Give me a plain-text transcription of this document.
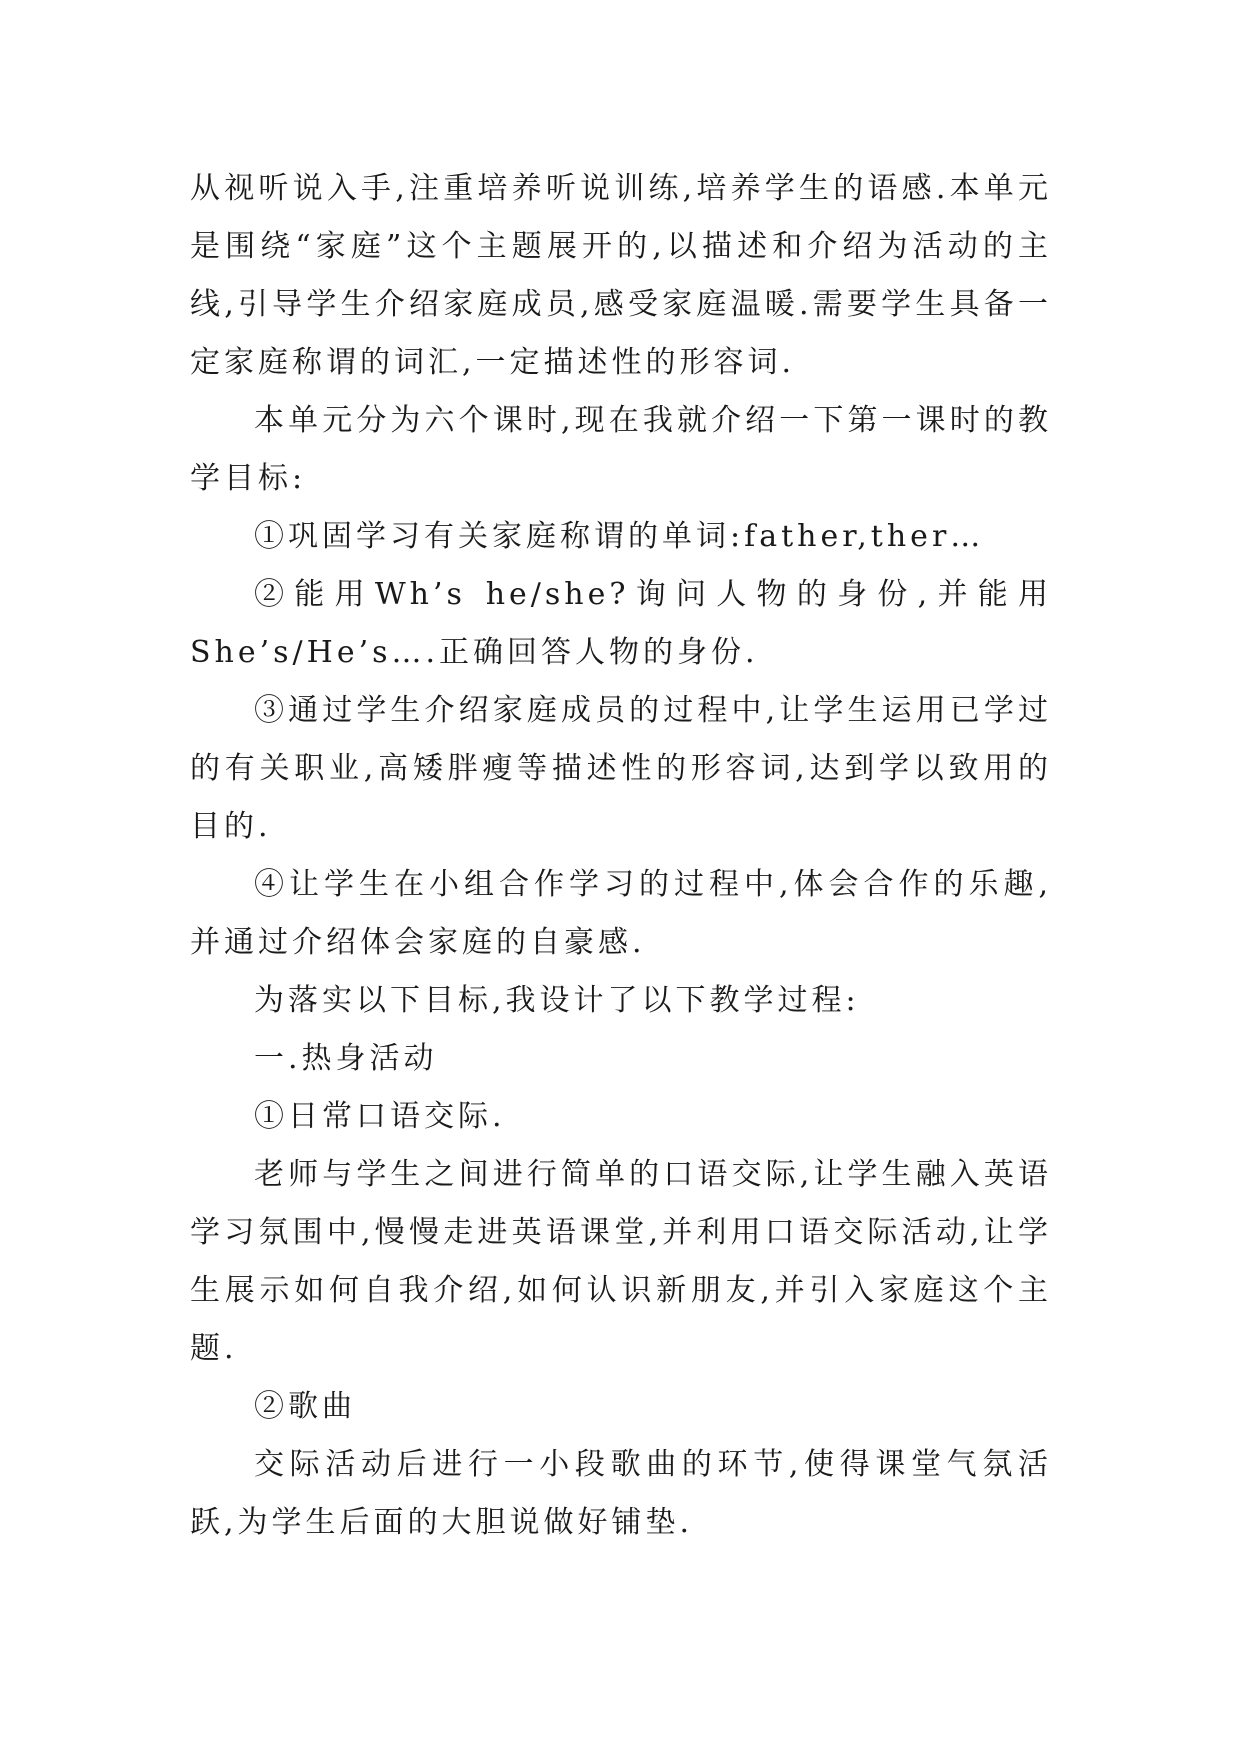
从视听说入手,注重培养听说训练,培养学生的语感.本单元是围绕“家庭”这个主题展开的,以描述和介绍为活动的主线,引导学生介绍家庭成员,感受家庭温暖.需要学生具备一定家庭称谓的词汇,一定描述性的形容词.

本单元分为六个课时,现在我就介绍一下第一课时的教学目标:

①巩固学习有关家庭称谓的单词:father,ther…

②能用Wh’s he/she?询问人物的身份,并能用She’s/He’s….正确回答人物的身份.

③通过学生介绍家庭成员的过程中,让学生运用已学过的有关职业,高矮胖瘦等描述性的形容词,达到学以致用的目的.

④让学生在小组合作学习的过程中,体会合作的乐趣,并通过介绍体会家庭的自豪感.

为落实以下目标,我设计了以下教学过程:

一.热身活动

①日常口语交际.

老师与学生之间进行简单的口语交际,让学生融入英语学习氛围中,慢慢走进英语课堂,并利用口语交际活动,让学生展示如何自我介绍,如何认识新朋友,并引入家庭这个主题.

②歌曲

交际活动后进行一小段歌曲的环节,使得课堂气氛活跃,为学生后面的大胆说做好铺垫.
